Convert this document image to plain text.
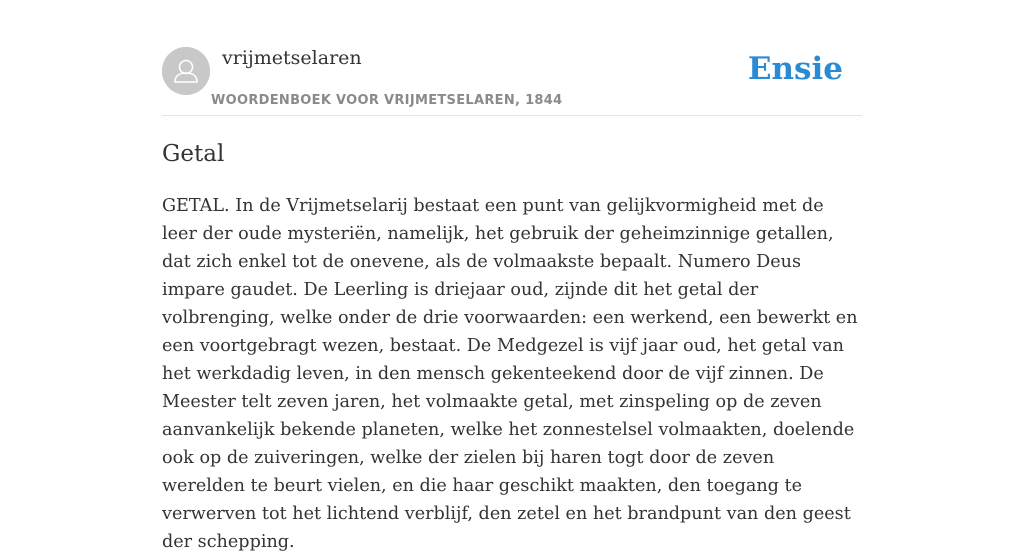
vrijmetselaren
WOORDENBOEK VOOR VRIJMETSELAREN, 1844
Ensie
Getal

GETAL. In de Vrijmetselarij bestaat een punt van gelijkvormigheid met de leer der oude mysteriën, namelijk, het gebruik der geheimzinnige getallen, dat zich enkel tot de onevene, als de volmaakste bepaalt. Numero Deus impare gaudet. De Leerling is driejaar oud, zijnde dit het getal der volbrenging, welke onder de drie voorwaarden: een werkend, een bewerkt en een voortgebragt wezen, bestaat. De Medgezel is vijf jaar oud, het getal van het werkdadig leven, in den mensch gekenteekend door de vijf zinnen. De Meester telt zeven jaren, het volmaakte getal, met zinspeling op de zeven aanvankelijk bekende planeten, welke het zonnestelsel volmaakten, doelende ook op de zuiveringen, welke der zielen bij haren togt door de zeven werelden te beurt vielen, en die haar geschikt maakten, den toegang te verwerven tot het lichtend verblijf, den zetel en het brandpunt van den geest der schepping.
